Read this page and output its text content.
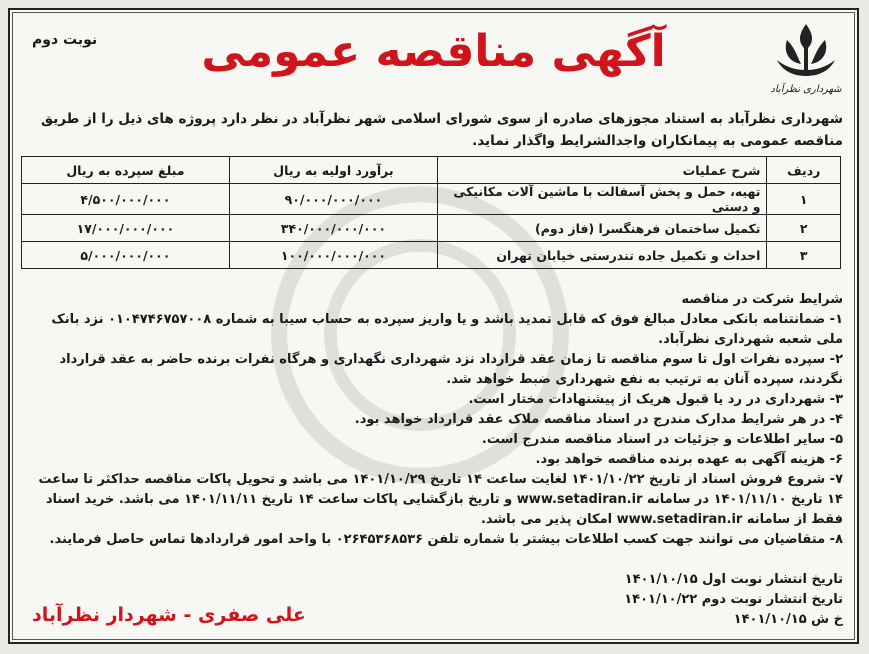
شهرداری نظرآباد
نوبت دوم	آگهی مناقصه عمومی
شهرداری نظرآباد به استناد مجوزهای صادره از سوی شورای اسلامی شهر نظرآباد در نظر دارد پروژه های ذیل را از طریق مناقصه عمومی به پیمانکاران واجدالشرایط واگذار نماید.
ردیف	شرح عملیات	برآورد اولیه به ریال	مبلغ سپرده به ریال
۱	تهیه، حمل و پخش آسفالت با ماشین آلات مکانیکی و دستی	۹۰/۰۰۰/۰۰۰/۰۰۰	۴/۵۰۰/۰۰۰/۰۰۰
۲	تکمیل ساختمان فرهنگسرا (فاز دوم)	۳۴۰/۰۰۰/۰۰۰/۰۰۰	۱۷/۰۰۰/۰۰۰/۰۰۰
۳	احداث و تکمیل جاده تندرستی خیابان تهران	۱۰۰/۰۰۰/۰۰۰/۰۰۰	۵/۰۰۰/۰۰۰/۰۰۰

شرایط شرکت در مناقصه

۱- ضمانتنامه بانکی معادل مبالغ فوق که قابل تمدید باشد و یا واریز سپرده به حساب سیبا به شماره ۰۱۰۴۷۴۶۷۵۷۰۰۸ نزد بانک ملی شعبه شهرداری نظرآباد.

۲- سپرده نفرات اول تا سوم مناقصه تا زمان عقد قرارداد نزد شهرداری نگهداری و هرگاه نفرات برنده حاضر به عقد قرارداد نگردند، سپرده آنان به ترتیب به نفع شهرداری ضبط خواهد شد.

۳- شهرداری در رد یا قبول هریک از پیشنهادات مختار است.

۴- در هر شرایط مدارک مندرج در اسناد مناقصه ملاک عقد قرارداد خواهد بود.

۵- سایر اطلاعات و جزئیات در اسناد مناقصه مندرج است.

۶- هزینه آگهی به عهده برنده مناقصه خواهد بود.

۷- شروع فروش اسناد از تاریخ ۱۴۰۱/۱۰/۲۲ لغایت ساعت ۱۴ تاریخ ۱۴۰۱/۱۰/۲۹ می باشد و تحویل پاکات مناقصه حداکثر تا ساعت ۱۴ تاریخ ۱۴۰۱/۱۱/۱۰ در سامانه www.setadiran.ir و تاریخ بازگشایی پاکات ساعت ۱۴ تاریخ ۱۴۰۱/۱۱/۱۱ می باشد. خرید اسناد فقط از سامانه www.setadiran.ir امکان پذیر می باشد.

۸- متقاضیان می توانند جهت کسب اطلاعات بیشتر با شماره تلفن ۰۲۶۴۵۳۶۸۵۳۶ با واحد امور قراردادها تماس حاصل فرمایند.

تاریخ انتشار نوبت اول ۱۴۰۱/۱۰/۱۵

تاریخ انتشار نوبت دوم ۱۴۰۱/۱۰/۲۲

خ ش ۱۴۰۱/۱۰/۱۵

علی صفری - شهردار نظرآباد
